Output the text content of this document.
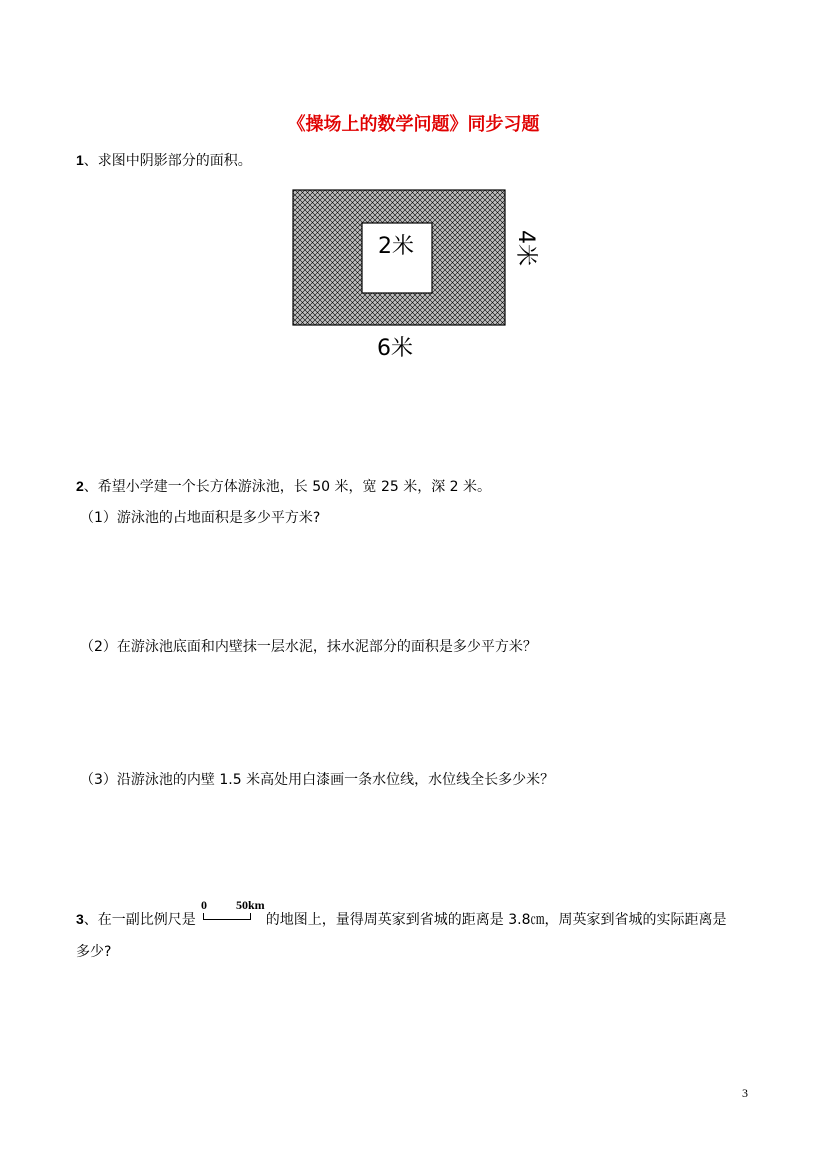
《操场上的数学问题》同步习题
1、求图中阴影部分的面积。
2米	4米
6米
2、希望小学建一个长方体游泳池，长 50 米，宽 25 米，深 2 米。
（1）游泳池的占地面积是多少平方米?
（2）在游泳池底面和内壁抹一层水泥，抹水泥部分的面积是多少平方米？
（3）沿游泳池的内壁 1.5 米高处用白漆画一条水位线，水位线全长多少米？
3、在一副比例尺是	的地图上，量得周英家到省城的距离是 3.8㎝，周英家到省城的实际距离是
0 50km
多少?
3
